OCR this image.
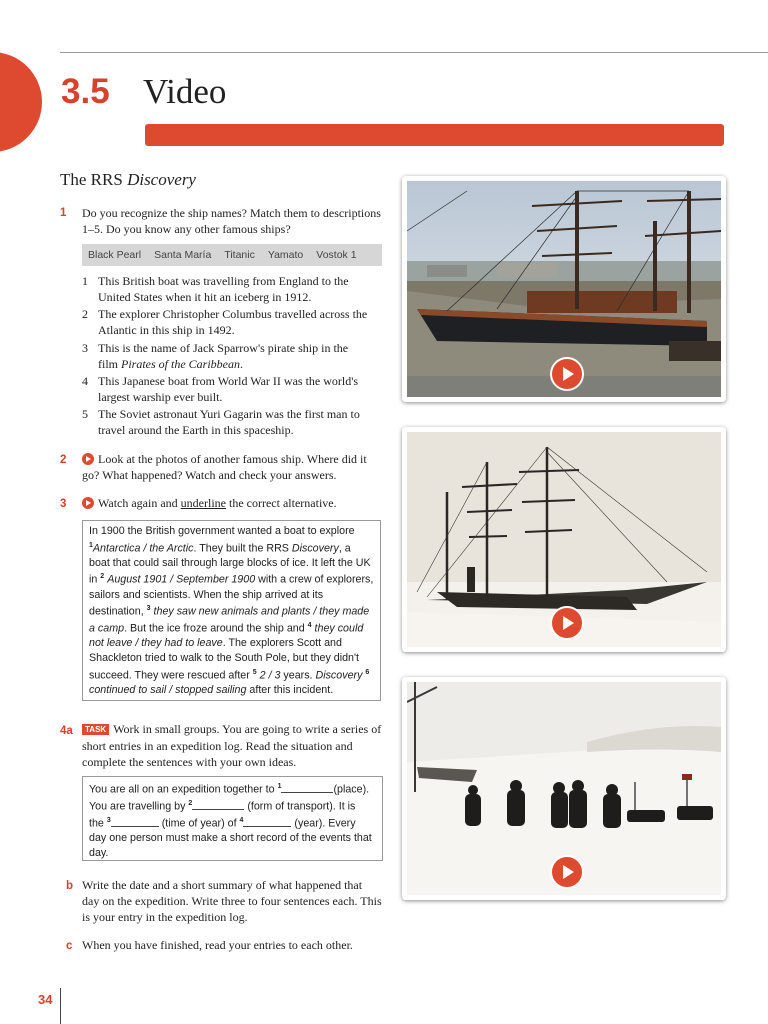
3.5 Video
The RRS Discovery
1 Do you recognize the ship names? Match them to descriptions 1–5. Do you know any other famous ships?
Black Pearl Santa María Titanic Yamato Vostok 1
1 This British boat was travelling from England to the United States when it hit an iceberg in 1912.
2 The explorer Christopher Columbus travelled across the Atlantic in this ship in 1492.
3 This is the name of Jack Sparrow's pirate ship in the film Pirates of the Caribbean.
4 This Japanese boat from World War II was the world's largest warship ever built.
5 The Soviet astronaut Yuri Gagarin was the first man to travel around the Earth in this spaceship.
2	Look at the photos of another famous ship. Where did it go? What happened? Watch and check your answers.
3	Watch again and underline the correct alternative.
In 1900 the British government wanted a boat to explore $^1$Antarctica / the Arctic. They built the RRS Discovery, a boat that could sail through large blocks of ice. It left the UK in $^2$ August 1901 / September 1900 with a crew of explorers, sailors and scientists. When the ship arrived at its destination, $^3$ they saw new animals and plants / they made a camp. But the ice froze around the ship and $^4$ they could not leave / they had to leave. The explorers Scott and Shackleton tried to walk to the South Pole, but they didn't succeed. They were rescued after $^5$ 2 / 3 years. Discovery $^6$ continued to sail / stopped sailing after this incident.
4a	TASK Work in small groups. You are going to write a series of short entries in an expedition log. Read the situation and complete the sentences with your own ideas.
You are all on an expedition together to $^1$	(place).
You are travelling by $^2$	(form of transport). It is
the $^3$	(time of year) of $^4$	(year). Every
day one person must make a short record of the events that day.
b Write the date and a short summary of what happened that day on the expedition. Write three to four sentences each. This is your entry in the expedition log.
c When you have finished, read your entries to each other.
34
